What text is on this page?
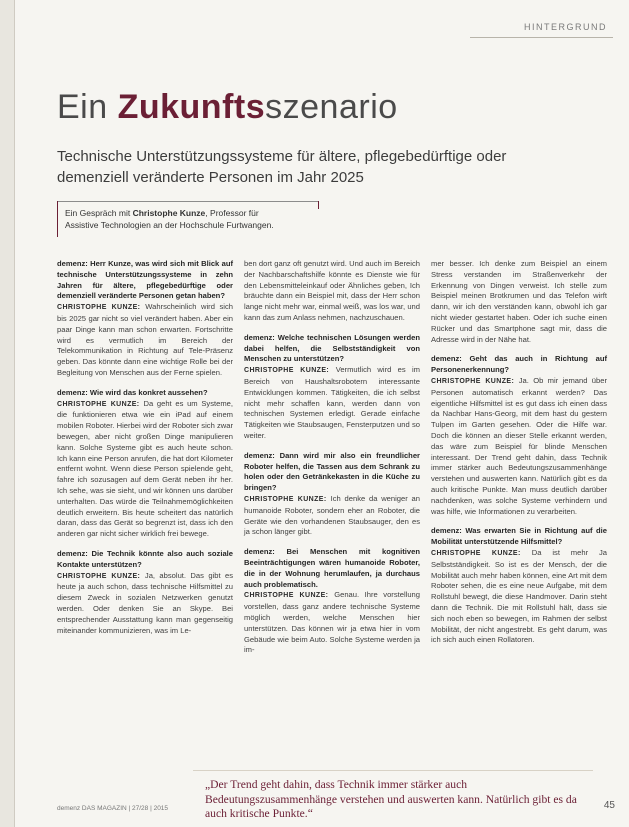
HINTERGRUND
Ein Zukunftsszenario

Technische Unterstützungssysteme für ältere, pflegebedürftige oder demenziell veränderte Personen im Jahr 2025

Ein Gespräch mit Christophe Kunze, Professor für
Assistive Technologien an der Hochschule Furtwangen.
demenz: Herr Kunze, was wird sich mit Blick auf technische Unterstützungssysteme in zehn Jahren für ältere, pflegebedürftige oder demenziell veränderte Personen getan haben?
CHRISTOPHE KUNZE: Wahrscheinlich wird sich bis 2025 gar nicht so viel verändert haben. Aber ein paar Dinge kann man schon erwarten. Fortschritte wird es vermutlich im Bereich der Telekommunikation in Richtung auf Tele-Präsenz geben. Das könnte dann eine wichtige Rolle bei der Begleitung von Menschen aus der Ferne spielen.
demenz: Wie wird das konkret aussehen?
CHRISTOPHE KUNZE: Da geht es um Systeme, die funktionieren etwa wie ein iPad auf einem mobilen Roboter. Hierbei wird der Roboter sich zwar bewegen, aber nicht großen Dinge manipulieren kann. Solche Systeme gibt es auch heute schon. Ich kann eine Person anrufen, die hat dort Kilometer entfernt wohnt. Wenn diese Person spielende geht, fahre ich sozusagen auf dem Gerät neben ihr her. Ich sehe, was sie sieht, und wir können uns darüber unterhalten. Das würde die Teilnahmemöglichkeiten deutlich erweitern. Bis heute scheitert das natürlich daran, dass das Gerät so begrenzt ist, dass ich den anderen gar nicht sicher wirklich frei bewege.
demenz: Die Technik könnte also auch soziale Kontakte unterstützen?
CHRISTOPHE KUNZE: Ja, absolut. Das gibt es heute ja auch schon, dass technische Hilfsmittel zu diesem Zweck in sozialen Netzwerken genutzt werden. Oder denken Sie an Skype. Bei entsprechender Ausstattung kann man gegenseitig miteinander kommunizieren, was im Le-
ben dort ganz oft genutzt wird. Und auch im Bereich der Nachbarschaftshilfe könnte es Dienste wie für den Lebensmitteleinkauf oder Ähnliches geben, Ich bräuchte dann ein Beispiel mit, dass der Herr schon lange nicht mehr war, einmal weiß, was los war, und kann das zum Anlass nehmen, nachzuschauen.
demenz: Welche technischen Lösungen werden dabei helfen, die Selbstständigkeit von Menschen zu unterstützen?
CHRISTOPHE KUNZE: Vermutlich wird es im Bereich von Haushaltsrobotern interessante Entwicklungen kommen. Tätigkeiten, die ich selbst nicht mehr schaffen kann, werden dann von technischen Systemen erledigt. Gerade einfache Tätigkeiten wie Staubsaugen, Fensterputzen und so weiter.
demenz: Dann wird mir also ein freundlicher Roboter helfen, die Tassen aus dem Schrank zu holen oder den Getränkekasten in die Küche zu bringen?
CHRISTOPHE KUNZE: Ich denke da weniger an humanoide Roboter, sondern eher an Roboter, die Geräte wie den vorhandenen Staubsauger, den es ja schon länger gibt.
demenz: Bei Menschen mit kognitiven Beeinträchtigungen wären humanoide Roboter, die in der Wohnung herumlaufen, ja durchaus auch problematisch.
CHRISTOPHE KUNZE: Genau. Ihre vorstellung vorstellen, dass ganz andere technische Systeme möglich werden, welche Menschen hier unterstützen. Das können wir ja etwa hier in vom Gebäude wie beim Auto. Solche Systeme werden ja im-
mer besser. Ich denke zum Beispiel an einem Stress verstanden im Straßenverkehr der Erkennung von Dingen verweist. Ich stelle zum Beispiel meinen Brotkrumen und das Telefon wirft dann, wir ich den verständen kann, obwohl ich gar nicht wieder gestartet haben. Oder ich suche einen Rücker und das Smartphone sagt mir, dass die Adresse wird in der Nähe hat.
demenz: Geht das auch in Richtung auf Personenerkennung?
CHRISTOPHE KUNZE: Ja. Ob mir jemand über Personen automatisch erkannt werden? Das eigentliche Hilfsmittel ist es gut dass ich einen dass da Nachbar Hans-Georg, mit dem hast du gestern Tulpen im Garten gesehen. Oder die Hilfe war. Doch die können an dieser Stelle erkannt werden, das wäre zum Beispiel für blinde Menschen interessant. Der Trend geht dahin, dass Technik immer stärker auch Bedeutungszusammenhänge verstehen und auswerten kann. Natürlich gibt es da auch kritische Punkte. Man muss deutlich darüber nachdenken, was solche Systeme verhindern und was hilfe, wie Informationen zu verarbeiten.
demenz: Was erwarten Sie in Richtung auf die Mobilität unterstützende Hilfsmittel?
CHRISTOPHE KUNZE: Da ist mehr Ja Selbstständigkeit. So ist es der Mensch, der die Mobilität auch mehr haben können, eine Art mit dem Roboter sehen, die es eine neue Aufgabe, mit dem Rollstuhl bewegt, die diese Handmover. Darin steht dann die Technik. Die mit Rollstuhl hält, dass sie sich noch eben so bewegen, im Rahmen der selbst Mobilität, der nicht angestrebt. Es geht darum, was ich sich auch einen Rollatoren.

„Der Trend geht dahin, dass Technik immer stärker auch Bedeutungszusammenhänge verstehen und auswerten kann. Natürlich gibt es da auch kritische Punkte.“

demenz DAS MAGAZIN | 27/28 | 2015	45
